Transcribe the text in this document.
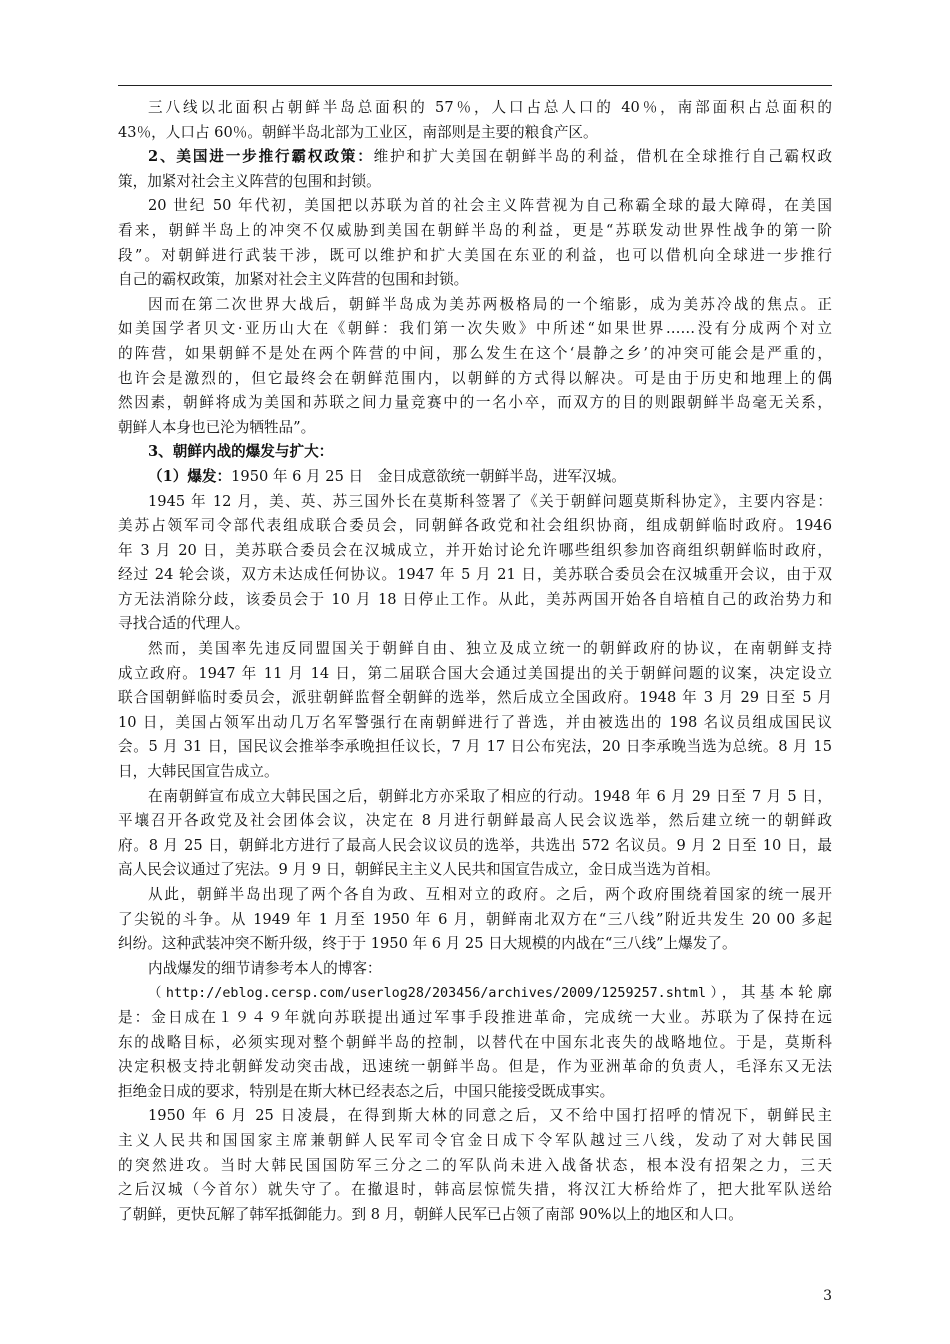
三八线以北面积占朝鲜半岛总面积的 57％，人口占总人口的 40％，南部面积占总面积的
43％，人口占 60％。朝鲜半岛北部为工业区，南部则是主要的粮食产区。
2、美国进一步推行霸权政策：维护和扩大美国在朝鲜半岛的利益，借机在全球推行自己霸权政
策，加紧对社会主义阵营的包围和封锁。
20 世纪 50 年代初，美国把以苏联为首的社会主义阵营视为自己称霸全球的最大障碍，在美国
看来，朝鲜半岛上的冲突不仅威胁到美国在朝鲜半岛的利益，更是“苏联发动世界性战争的第一阶
段”。对朝鲜进行武装干涉，既可以维护和扩大美国在东亚的利益，也可以借机向全球进一步推行
自己的霸权政策，加紧对社会主义阵营的包围和封锁。
因而在第二次世界大战后，朝鲜半岛成为美苏两极格局的一个缩影，成为美苏冷战的焦点。正
如美国学者贝文·亚历山大在《朝鲜：我们第一次失败》中所述“如果世界……没有分成两个对立
的阵营，如果朝鲜不是处在两个阵营的中间，那么发生在这个‘晨静之乡’的冲突可能会是严重的，
也许会是激烈的，但它最终会在朝鲜范围内，以朝鲜的方式得以解决。可是由于历史和地理上的偶
然因素，朝鲜将成为美国和苏联之间力量竞赛中的一名小卒，而双方的目的则跟朝鲜半岛毫无关系，
朝鲜人本身也已沦为牺牲品”。
3、朝鲜内战的爆发与扩大：
（1）爆发：1950 年 6 月 25 日　金日成意欲统一朝鲜半岛，进军汉城。
1945 年 12 月，美、英、苏三国外长在莫斯科签署了《关于朝鲜问题莫斯科协定》，主要内容是：
美苏占领军司令部代表组成联合委员会，同朝鲜各政党和社会组织协商，组成朝鲜临时政府。1946
年 3 月 20 日，美苏联合委员会在汉城成立，并开始讨论允许哪些组织参加咨商组织朝鲜临时政府，
经过 24 轮会谈，双方未达成任何协议。1947 年 5 月 21 日，美苏联合委员会在汉城重开会议，由于双
方无法消除分歧，该委员会于 10 月 18 日停止工作。从此，美苏两国开始各自培植自己的政治势力和
寻找合适的代理人。
然而，美国率先违反同盟国关于朝鲜自由、独立及成立统一的朝鲜政府的协议，在南朝鲜支持
成立政府。1947 年 11 月 14 日，第二届联合国大会通过美国提出的关于朝鲜问题的议案，决定设立
联合国朝鲜临时委员会，派驻朝鲜监督全朝鲜的选举，然后成立全国政府。1948 年 3 月 29 日至 5 月
10 日，美国占领军出动几万名军警强行在南朝鲜进行了普选，并由被选出的 198 名议员组成国民议
会。5 月 31 日，国民议会推举李承晚担任议长，7 月 17 日公布宪法，20 日李承晚当选为总统。8 月 15
日，大韩民国宣告成立。
在南朝鲜宣布成立大韩民国之后，朝鲜北方亦采取了相应的行动。1948 年 6 月 29 日至 7 月 5 日，
平壤召开各政党及社会团体会议，决定在 8 月进行朝鲜最高人民会议选举，然后建立统一的朝鲜政
府。8 月 25 日，朝鲜北方进行了最高人民会议议员的选举，共选出 572 名议员。9 月 2 日至 10 日，最
高人民会议通过了宪法。9 月 9 日，朝鲜民主主义人民共和国宣告成立，金日成当选为首相。
从此，朝鲜半岛出现了两个各自为政、互相对立的政府。之后，两个政府围绕着国家的统一展开
了尖锐的斗争。从 1949 年 1 月至 1950 年 6 月，朝鲜南北双方在“三八线”附近共发生 20 00 多起
纠纷。这种武装冲突不断升级，终于于 1950 年 6 月 25 日大规模的内战在“三八线”上爆发了。
内战爆发的细节请参考本人的博客：
（http://eblog.cersp.com/userlog28/203456/archives/2009/1259257.shtml），其基本轮廓
是：金日成在１９４９年就向苏联提出通过军事手段推进革命，完成统一大业。苏联为了保持在远
东的战略目标，必须实现对整个朝鲜半岛的控制，以替代在中国东北丧失的战略地位。于是，莫斯科
决定积极支持北朝鲜发动突击战，迅速统一朝鲜半岛。但是，作为亚洲革命的负责人，毛泽东又无法
拒绝金日成的要求，特别是在斯大林已经表态之后，中国只能接受既成事实。
1950 年 6 月 25 日凌晨，在得到斯大林的同意之后，又不给中国打招呼的情况下，朝鲜民主
主义人民共和国国家主席兼朝鲜人民军司令官金日成下令军队越过三八线，发动了对大韩民国
的突然进攻。当时大韩民国国防军三分之二的军队尚未进入战备状态，根本没有招架之力，三天
之后汉城（今首尔）就失守了。在撤退时，韩高层惊慌失措，将汉江大桥给炸了，把大批军队送给
了朝鲜，更快瓦解了韩军抵御能力。到 8 月，朝鲜人民军已占领了南部 90%以上的地区和人口。
3
